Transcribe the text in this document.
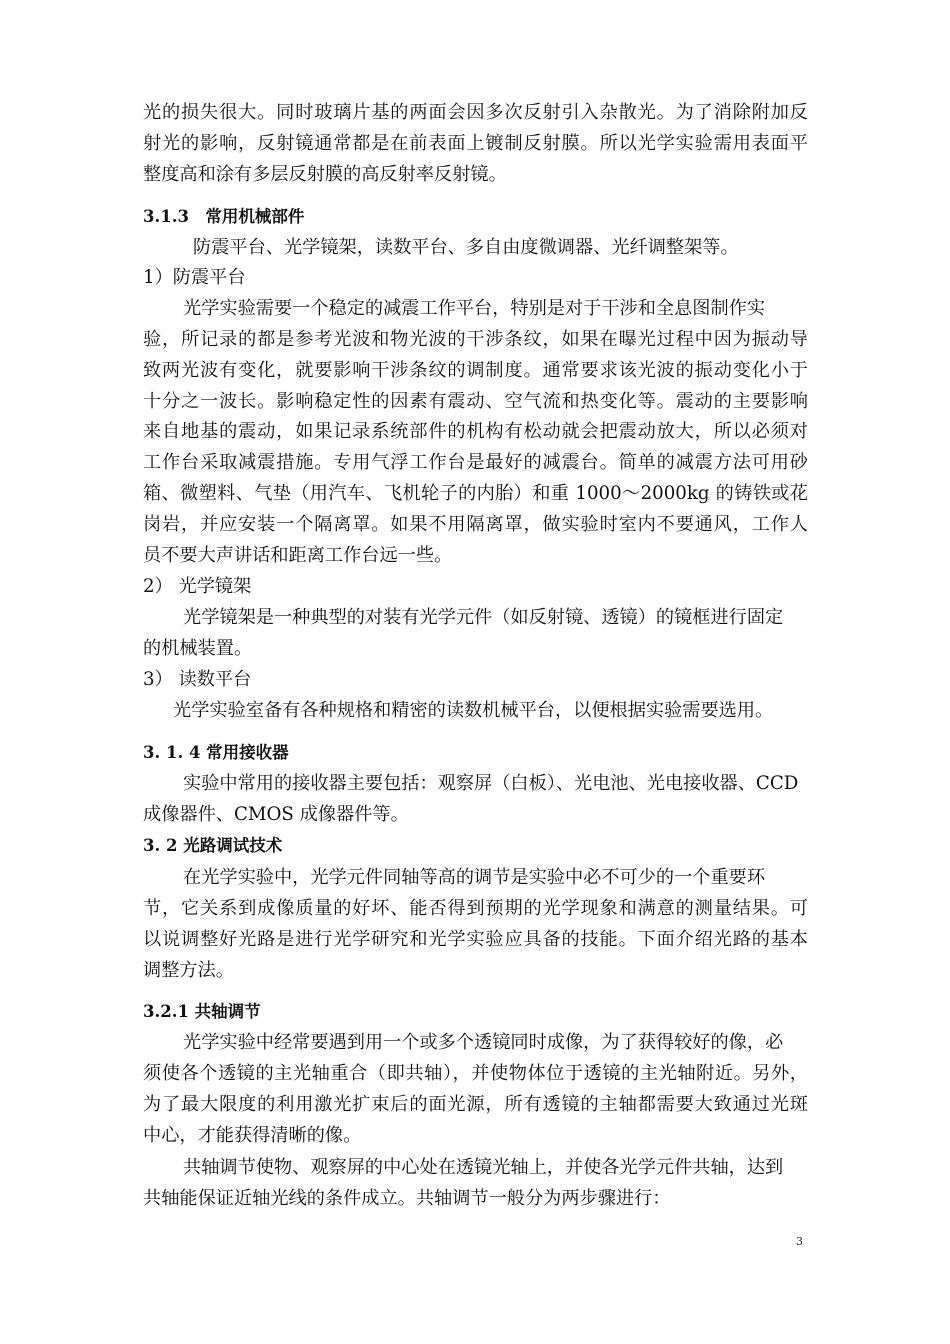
光的损失很大。同时玻璃片基的两面会因多次反射引入杂散光。为了消除附加反
射光的影响，反射镜通常都是在前表面上镀制反射膜。所以光学实验需用表面平
整度高和涂有多层反射膜的高反射率反射镜。
3.1.3　常用机械部件
防震平台、光学镜架，读数平台、多自由度微调器、光纤调整架等。
1）防震平台
光学实验需要一个稳定的减震工作平台，特别是对于干涉和全息图制作实
验，所记录的都是参考光波和物光波的干涉条纹，如果在曝光过程中因为振动导
致两光波有变化，就要影响干涉条纹的调制度。通常要求该光波的振动变化小于
十分之一波长。影响稳定性的因素有震动、空气流和热变化等。震动的主要影响
来自地基的震动，如果记录系统部件的机构有松动就会把震动放大，所以必须对
工作台采取减震措施。专用气浮工作台是最好的减震台。简单的减震方法可用砂
箱、微塑料、气垫（用汽车、飞机轮子的内胎）和重 1000～2000kg 的铸铁或花
岗岩，并应安装一个隔离罩。如果不用隔离罩，做实验时室内不要通风，工作人
员不要大声讲话和距离工作台远一些。
2） 光学镜架
光学镜架是一种典型的对装有光学元件（如反射镜、透镜）的镜框进行固定
的机械装置。
3） 读数平台
光学实验室备有各种规格和精密的读数机械平台，以便根据实验需要选用。
3. 1. 4 常用接收器
实验中常用的接收器主要包括：观察屏（白板）、光电池、光电接收器、CCD
成像器件、CMOS 成像器件等。
3. 2 光路调试技术
在光学实验中，光学元件同轴等高的调节是实验中必不可少的一个重要环
节，它关系到成像质量的好坏、能否得到预期的光学现象和满意的测量结果。可
以说调整好光路是进行光学研究和光学实验应具备的技能。下面介绍光路的基本
调整方法。
3.2.1 共轴调节
光学实验中经常要遇到用一个或多个透镜同时成像，为了获得较好的像，必
须使各个透镜的主光轴重合（即共轴），并使物体位于透镜的主光轴附近。另外，
为了最大限度的利用激光扩束后的面光源，所有透镜的主轴都需要大致通过光斑
中心，才能获得清晰的像。
共轴调节使物、观察屏的中心处在透镜光轴上，并使各光学元件共轴，达到
共轴能保证近轴光线的条件成立。共轴调节一般分为两步骤进行：
3
